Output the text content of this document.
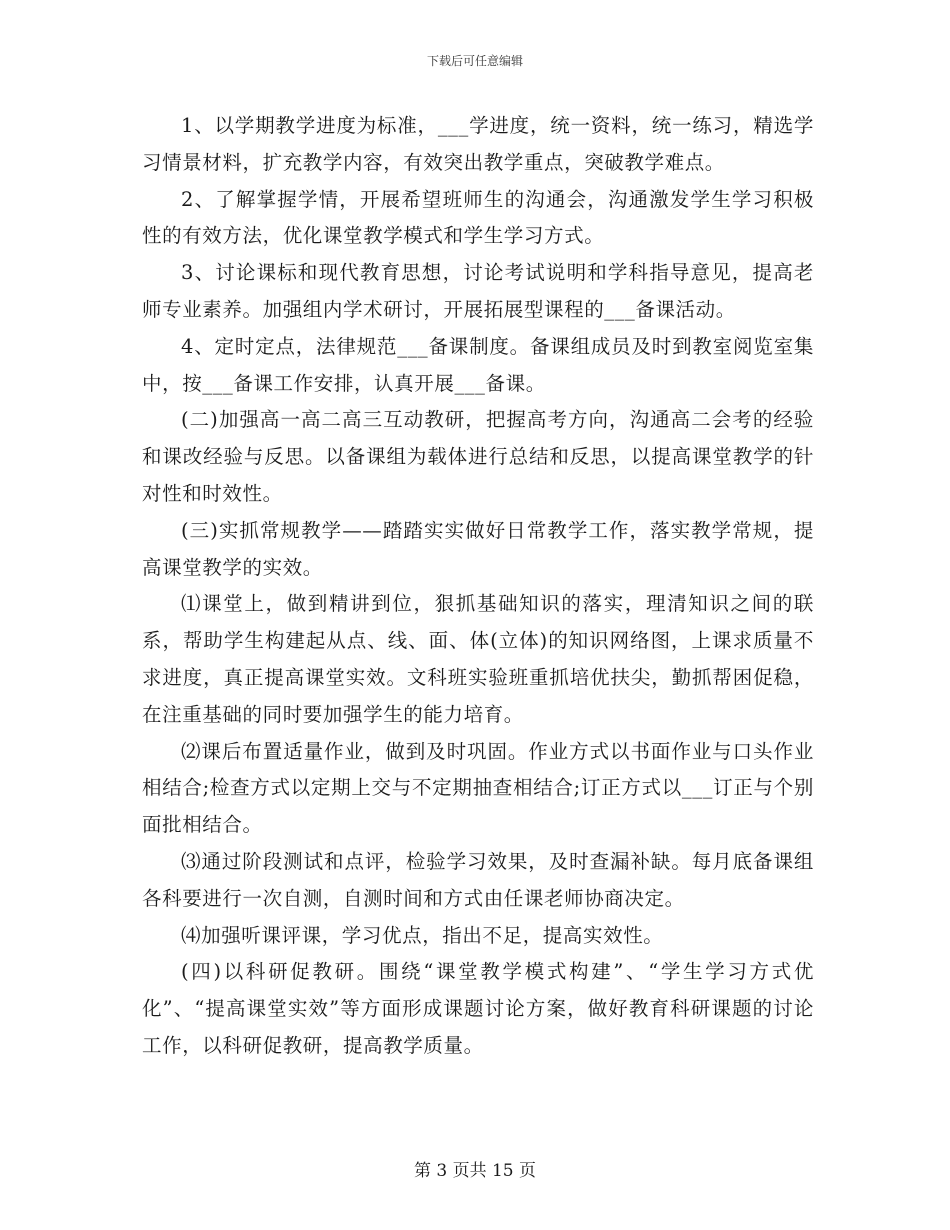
下载后可任意编辑

1、以学期教学进度为标准，___学进度，统一资料，统一练习，精选学习情景材料，扩充教学内容，有效突出教学重点，突破教学难点。

2、了解掌握学情，开展希望班师生的沟通会，沟通激发学生学习积极性的有效方法，优化课堂教学模式和学生学习方式。

3、讨论课标和现代教育思想，讨论考试说明和学科指导意见，提高老师专业素养。加强组内学术研讨，开展拓展型课程的___备课活动。

4、定时定点，法律规范___备课制度。备课组成员及时到教室阅览室集中，按___备课工作安排，认真开展___备课。

(二)加强高一高二高三互动教研，把握高考方向，沟通高二会考的经验和课改经验与反思。以备课组为载体进行总结和反思，以提高课堂教学的针对性和时效性。

(三)实抓常规教学——踏踏实实做好日常教学工作，落实教学常规，提高课堂教学的实效。

⑴课堂上，做到精讲到位，狠抓基础知识的落实，理清知识之间的联系，帮助学生构建起从点、线、面、体(立体)的知识网络图，上课求质量不求进度，真正提高课堂实效。文科班实验班重抓培优扶尖，勤抓帮困促稳，在注重基础的同时要加强学生的能力培育。

⑵课后布置适量作业，做到及时巩固。作业方式以书面作业与口头作业相结合;检查方式以定期上交与不定期抽查相结合;订正方式以___订正与个别面批相结合。

⑶通过阶段测试和点评，检验学习效果，及时查漏补缺。每月底备课组各科要进行一次自测，自测时间和方式由任课老师协商决定。

⑷加强听课评课，学习优点，指出不足，提高实效性。

(四)以科研促教研。围绕“课堂教学模式构建”、“学生学习方式优化”、“提高课堂实效”等方面形成课题讨论方案，做好教育科研课题的讨论工作，以科研促教研，提高教学质量。

第 3 页共 15 页
